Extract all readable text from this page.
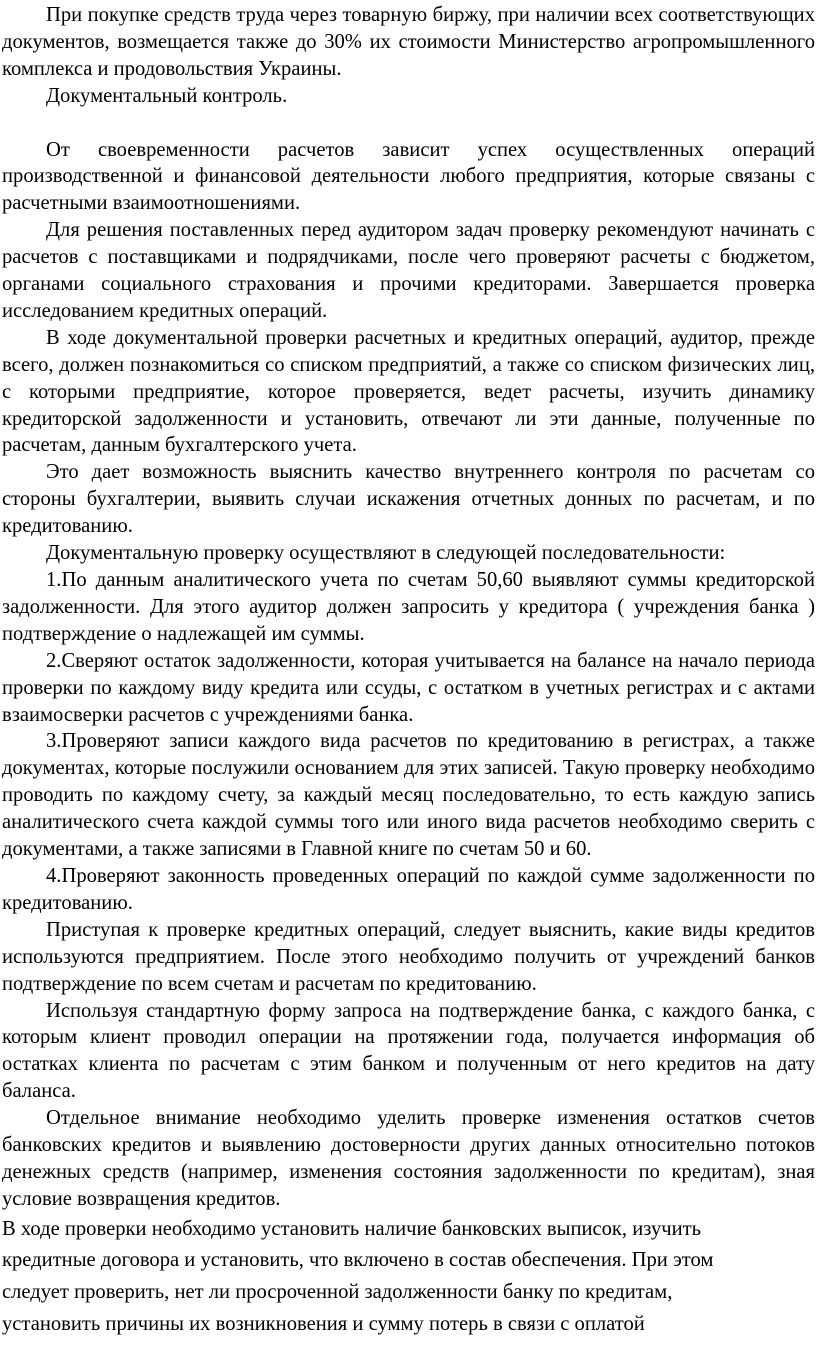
При покупке средств труда через товарную биржу, при наличии всех соответствующих документов, возмещается также до 30% их стоимости Министерство агропромышленного комплекса и продовольствия Украины.

Документальный контроль.

От своевременности расчетов зависит успех осуществленных операций производственной и финансовой деятельности любого предприятия, которые связаны с расчетными взаимоотношениями.

Для решения поставленных перед аудитором задач проверку рекомендуют начинать с расчетов с поставщиками и подрядчиками, после чего проверяют расчеты с бюджетом, органами социального страхования и прочими кредиторами. Завершается проверка исследованием кредитных операций.

В ходе документальной проверки расчетных и кредитных операций, аудитор, прежде всего, должен познакомиться со списком предприятий, а также со списком физических лиц, с которыми предприятие, которое проверяется, ведет расчеты, изучить динамику кредиторской задолженности и установить, отвечают ли эти данные, полученные по расчетам, данным бухгалтерского учета.

Это дает возможность выяснить качество внутреннего контроля по расчетам со стороны бухгалтерии, выявить случаи искажения отчетных донных по расчетам, и по кредитованию.

Документальную проверку осуществляют в следующей последовательности:

1.По данным аналитического учета по счетам 50,60 выявляют суммы кредиторской задолженности. Для этого аудитор должен запросить у кредитора ( учреждения банка ) подтверждение о надлежащей им суммы.

2.Сверяют остаток задолженности, которая учитывается на балансе на начало периода проверки по каждому виду кредита или ссуды, с остатком в учетных регистрах и с актами взаимосверки расчетов с учреждениями банка.

3.Проверяют записи каждого вида расчетов по кредитованию в регистрах, а также документах, которые послужили основанием для этих записей. Такую проверку необходимо проводить по каждому счету, за каждый месяц последовательно, то есть каждую запись аналитического счета каждой суммы того или иного вида расчетов необходимо сверить с документами, а также записями в Главной книге по счетам 50 и 60.

4.Проверяют законность проведенных операций по каждой сумме задолженности по кредитованию.

Приступая к проверке кредитных операций, следует выяснить, какие виды кредитов используются предприятием. После этого необходимо получить от учреждений банков подтверждение по всем счетам и расчетам по кредитованию.

Используя стандартную форму запроса на подтверждение банка, с каждого банка, с которым клиент проводил операции на протяжении года, получается информация об остатках клиента по расчетам с этим банком и полученным от него кредитов на дату баланса.

Отдельное внимание необходимо уделить проверке изменения остатков счетов банковских кредитов и выявлению достоверности других данных относительно потоков денежных средств (например, изменения состояния задолженности по кредитам), зная условие возвращения кредитов.

В ходе проверки необходимо установить наличие банковских выписок, изучить

кредитные договора и установить, что включено в состав обеспечения. При этом

следует проверить, нет ли просроченной задолженности банку по кредитам,

установить причины их возникновения и сумму потерь в связи с оплатой
